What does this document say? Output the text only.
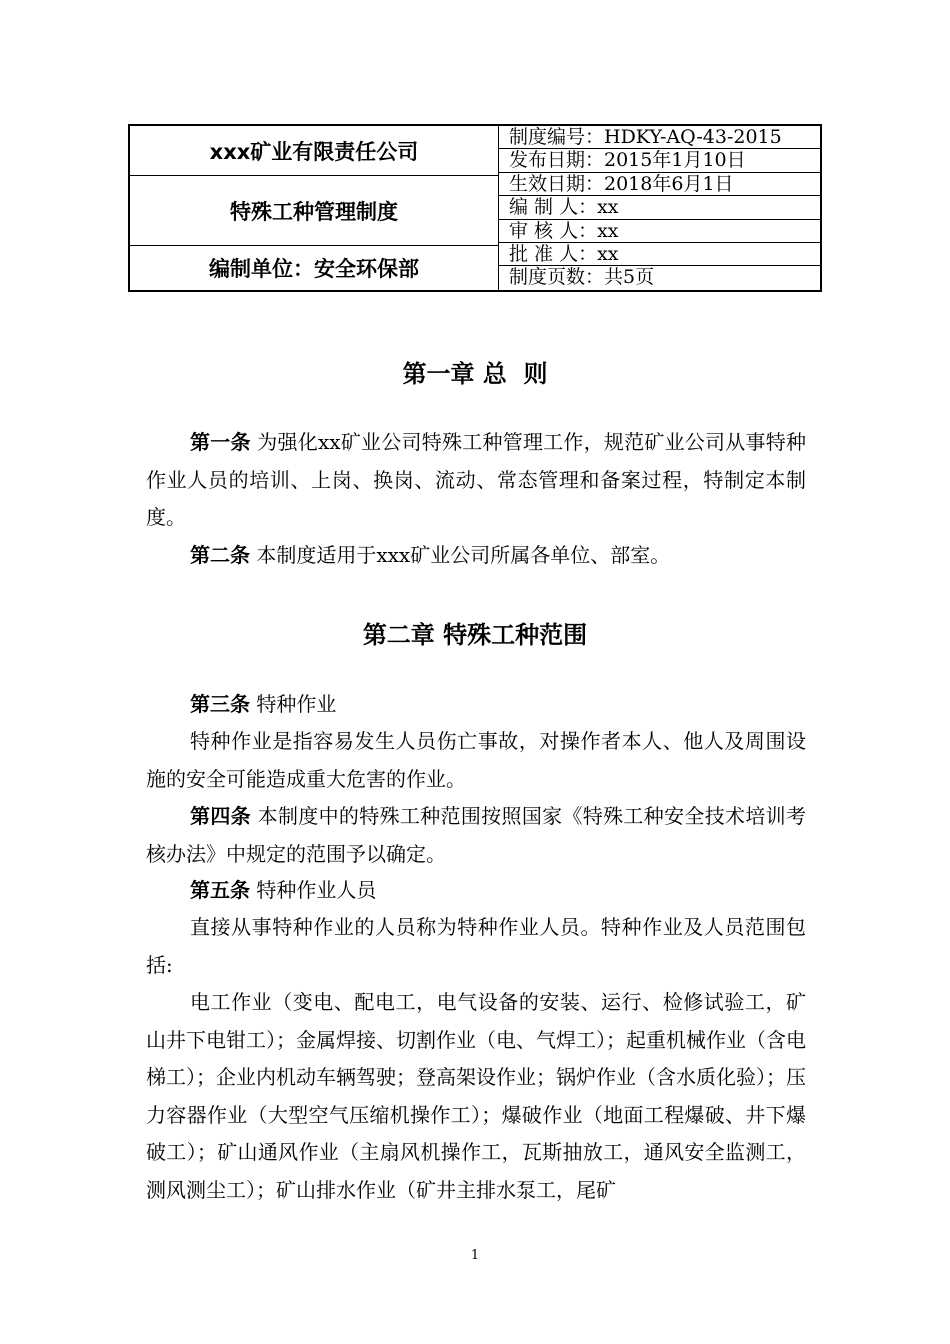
xxx矿业有限责任公司
特殊工种管理制度
编制单位：安全环保部
制度编号：HDKY-AQ-43-2015
发布日期：2015年1月10日
生效日期：2018年6月1日
编 制 人：xx
审 核 人：xx
批 准 人：xx
制度页数：共5页
第一章 总  则
第一条 为强化xx矿业公司特殊工种管理工作，规范矿业公司从事特种作业人员的培训、上岗、换岗、流动、常态管理和备案过程，特制定本制度。
第二条 本制度适用于xxx矿业公司所属各单位、部室。
第二章 特殊工种范围
第三条 特种作业
特种作业是指容易发生人员伤亡事故，对操作者本人、他人及周围设施的安全可能造成重大危害的作业。
第四条 本制度中的特殊工种范围按照国家《特殊工种安全技术培训考核办法》中规定的范围予以确定。
第五条 特种作业人员
直接从事特种作业的人员称为特种作业人员。特种作业及人员范围包括:
电工作业（变电、配电工，电气设备的安装、运行、检修试验工，矿山井下电钳工）；金属焊接、切割作业（电、气焊工）；起重机械作业（含电梯工）；企业内机动车辆驾驶；登高架设作业；锅炉作业（含水质化验）；压力容器作业（大型空气压缩机操作工）；爆破作业（地面工程爆破、井下爆破工）；矿山通风作业（主扇风机操作工，瓦斯抽放工，通风安全监测工，测风测尘工）；矿山排水作业（矿井主排水泵工，尾矿
1
